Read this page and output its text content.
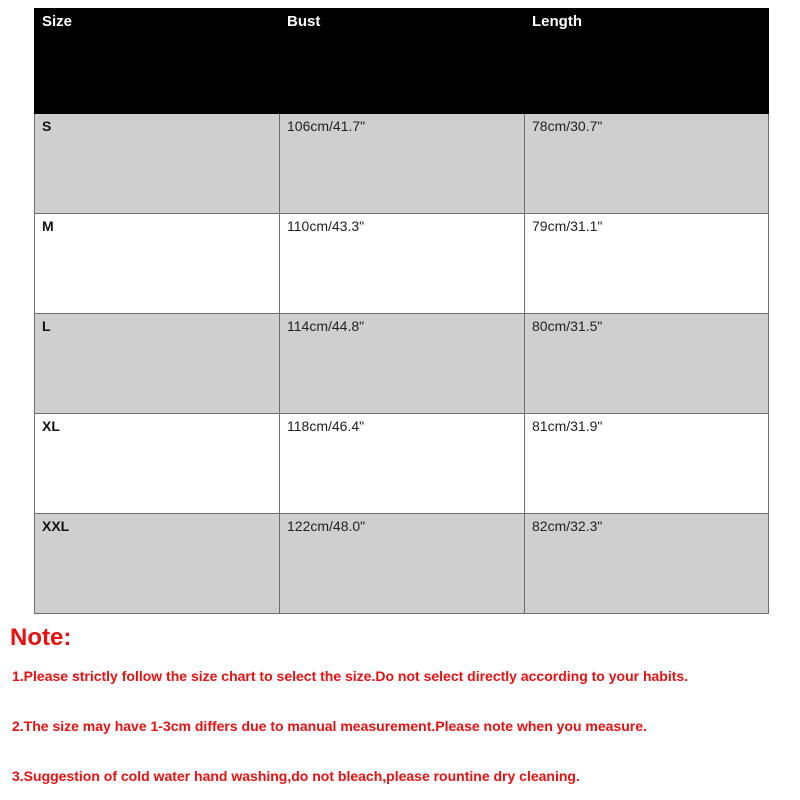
Size	Bust	Length
S	106cm/41.7"	78cm/30.7"
M	110cm/43.3"	79cm/31.1"
L	114cm/44.8"	80cm/31.5"
XL	118cm/46.4"	81cm/31.9"
XXL	122cm/48.0"	82cm/32.3"

Note:

1.Please strictly follow the size chart to select the size.Do not select directly according to your habits.

2.The size may have 1-3cm differs due to manual measurement.Please note when you measure.

3.Suggestion of cold water hand washing,do not bleach,please rountine dry cleaning.
